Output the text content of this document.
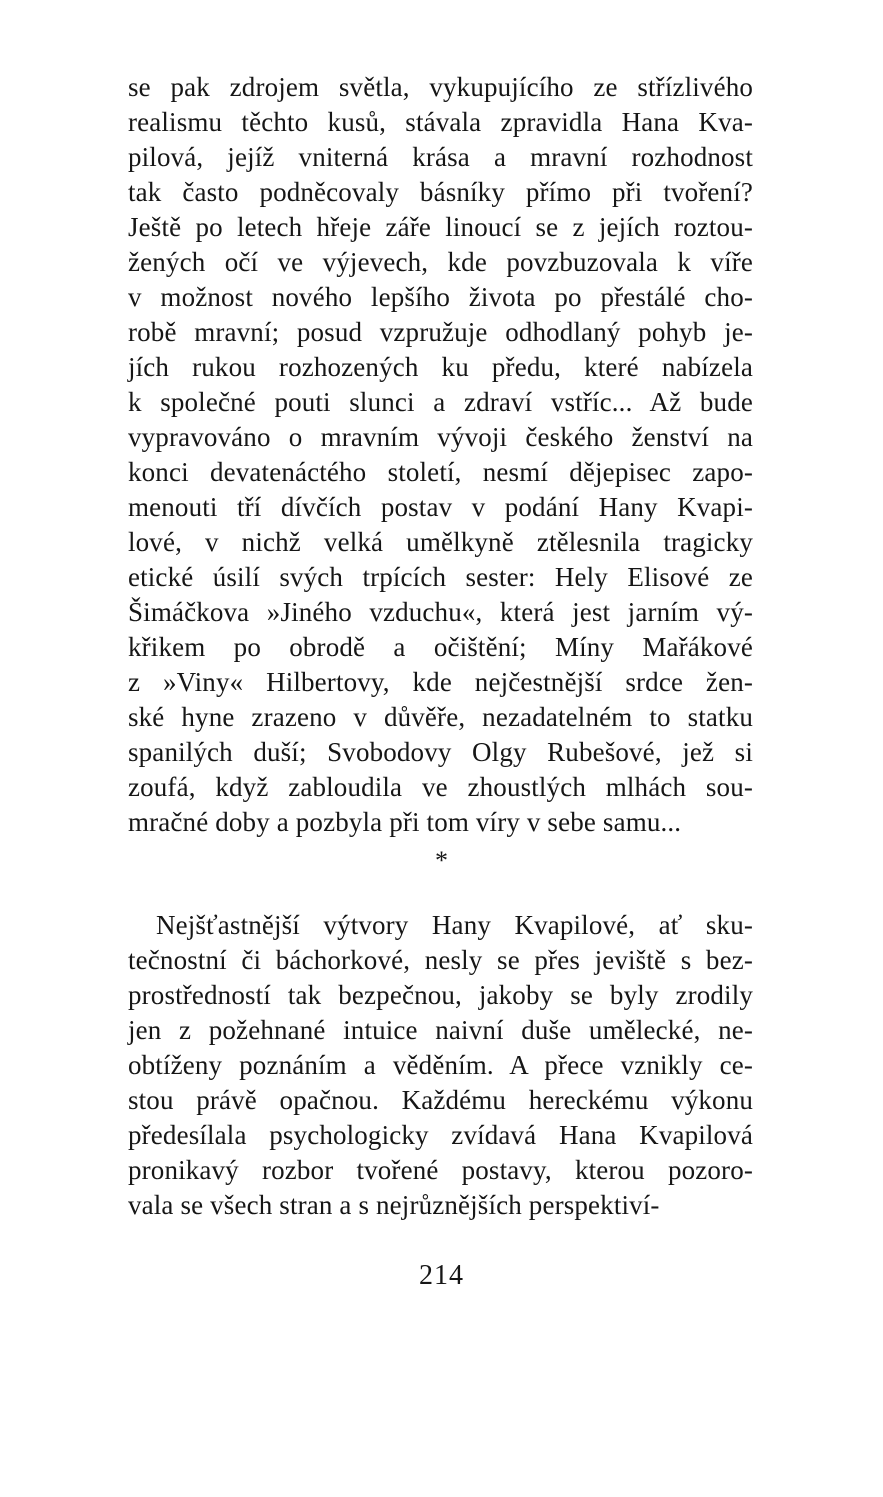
se pak zdrojem světla, vykupujícího ze střízlivého
realismu těchto kusů, stávala zpravidla Hana Kva-
pilová, jejíž vniterná krása a mravní rozhodnost
tak často podněcovaly básníky přímo při tvoření?
Ještě po letech hřeje záře linoucí se z jejích roztou-
žených očí ve výjevech, kde povzbuzovala k víře
v možnost nového lepšího života po přestálé cho-
robě mravní; posud vzpružuje odhodlaný pohyb je-
jích rukou rozhozených ku předu, které nabízela
k společné pouti slunci a zdraví vstříc... Až bude
vypravováno o mravním vývoji českého ženství na
konci devatenáctého století, nesmí dějepisec zapo-
menouti tří dívčích postav v podání Hany Kvapi-
lové, v nichž velká umělkyně ztělesnila tragicky
etické úsilí svých trpících sester: Hely Elisové ze
Šimáčkova »Jiného vzduchu«, která jest jarním vý-
křikem po obrodě a očištění; Míny Mařákové
z »Viny« Hilbertovy, kde nejčestnější srdce žen-
ské hyne zrazeno v důvěře, nezadatelném to statku
spanilých duší; Svobodovy Olgy Rubešové, jež si
zoufá, když zabloudila ve zhoustlých mlhách sou-
mračné doby a pozbyla při tom víry v sebe samu...
*
Nejšťastnější výtvory Hany Kvapilové, ať sku-
tečnostní či báchorkové, nesly se přes jeviště s bez-
prostředností tak bezpečnou, jakoby se byly zrodily
jen z požehnané intuice naivní duše umělecké, ne-
obtíženy poznáním a věděním. A přece vznikly ce-
stou právě opačnou. Každému hereckému výkonu
předesílala psychologicky zvídavá Hana Kvapilová
pronikavý rozbor tvořené postavy, kterou pozoro-
vala se všech stran a s nejrůznějších perspektiví-
214
